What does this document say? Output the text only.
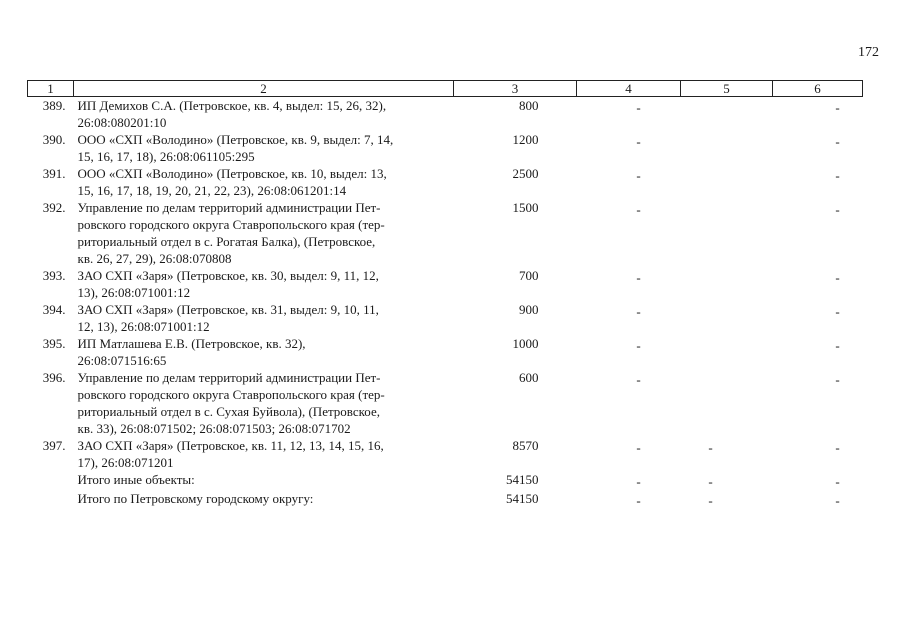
172
1	2	3	4	5	6
389.	ИП Демихов С.А. (Петровское, кв. 4, выдел: 15, 26, 32),
26:08:080201:10	800	-		-
390.	ООО «СХП «Володино» (Петровское, кв. 9, выдел: 7, 14,
15, 16, 17, 18), 26:08:061105:295	1200	-		-
391.	ООО «СХП «Володино» (Петровское, кв. 10, выдел: 13,
15, 16, 17, 18, 19, 20, 21, 22, 23), 26:08:061201:14	2500	-		-
392.	Управление по делам территорий администрации Пет-
ровского городского округа Ставропольского края (тер-
риториальный отдел в с. Рогатая Балка), (Петровское,
кв. 26, 27, 29), 26:08:070808	1500	-		-
393.	ЗАО СХП «Заря» (Петровское, кв. 30, выдел: 9, 11, 12,
13), 26:08:071001:12	700	-		-
394.	ЗАО СХП «Заря» (Петровское, кв. 31, выдел: 9, 10, 11,
12, 13), 26:08:071001:12	900	-		-
395.	ИП Матлашева Е.В. (Петровское, кв. 32),
26:08:071516:65	1000	-		-
396.	Управление по делам территорий администрации Пет-
ровского городского округа Ставропольского края (тер-
риториальный отдел в с. Сухая Буйвола), (Петровское,
кв. 33), 26:08:071502; 26:08:071503; 26:08:071702	600	-		-
397.	ЗАО СХП «Заря» (Петровское, кв. 11, 12, 13, 14, 15, 16,
17), 26:08:071201	8570	-	-	-

	Итого иные объекты:	54150	-	-	-

	Итого по Петровскому городскому округу:	54150	-	-	-
